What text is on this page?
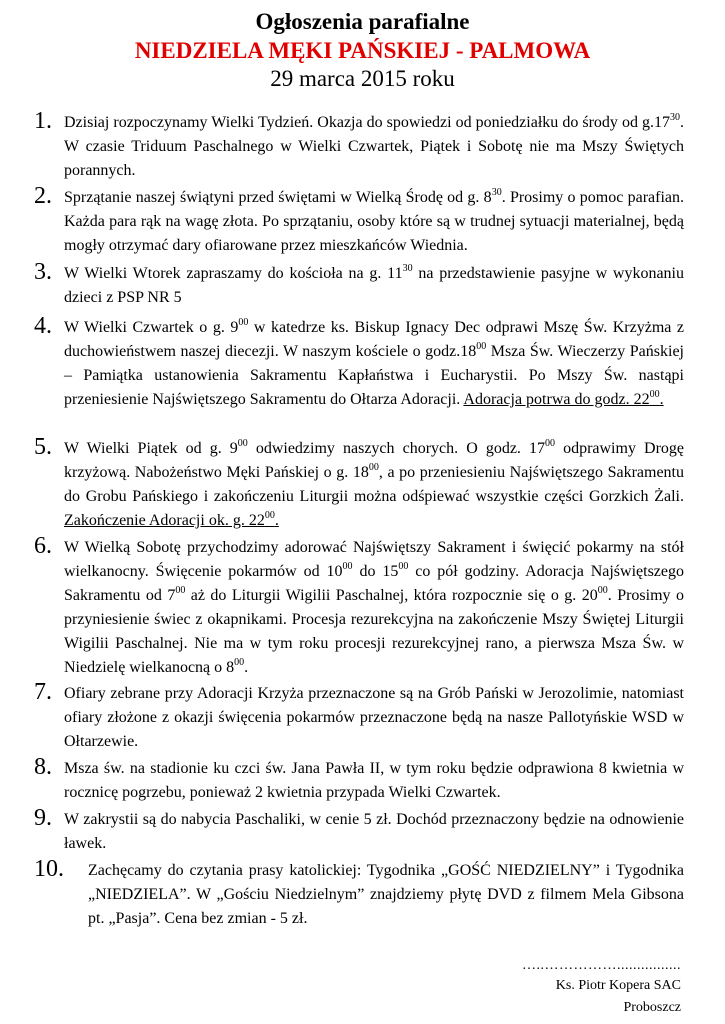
Ogłoszenia parafialne
NIEDZIELA MĘKI PAŃSKIEJ - PALMOWA
29 marca 2015 roku
1. Dzisiaj rozpoczynamy Wielki Tydzień. Okazja do spowiedzi od poniedziałku do środy od $g.17^{30}$. W czasie Triduum Paschalnego w Wielki Czwartek, Piątek i Sobotę nie ma Mszy Świętych porannych.
2. Sprzątanie naszej świątyni przed świętami w Wielką Środę od g. $8^{30}$. Prosimy o pomoc parafian. Każda para rąk na wagę złota. Po sprzątaniu, osoby które są w trudnej sytuacji materialnej, będą mogły otrzymać dary ofiarowane przez mieszkańców Wiednia.
3. W Wielki Wtorek zapraszamy do kościoła na g. $11^{30}$ na przedstawienie pasyjne w wykonaniu dzieci z PSP NR 5
4. W Wielki Czwartek o g. $9^{00}$ w katedrze ks. Biskup Ignacy Dec odprawi Mszę Św. Krzyżma z duchowieństwem naszej diecezji. W naszym kościele o $godz.18^{00}$ Msza Św. Wieczerzy Pańskiej – Pamiątka ustanowienia Sakramentu Kapłaństwa i Eucharystii. Po Mszy Św. nastąpi przeniesienie Najświętszego Sakramentu do Ołtarza Adoracji. Adoracja potrwa do godz. $22^{00}$.
5. W Wielki Piątek od g. $9^{00}$ odwiedzimy naszych chorych. O godz. $17^{00}$ odprawimy Drogę krzyżową. Nabożeństwo Męki Pańskiej o g. $18^{00}$, a po przeniesieniu Najświętszego Sakramentu do Grobu Pańskiego i zakończeniu Liturgii można odśpiewać wszystkie części Gorzkich Żali. Zakończenie Adoracji ok. g. $22^{00}$.
6. W Wielką Sobotę przychodzimy adorować Najświętszy Sakrament i święcić pokarmy na stół wielkanocny. Święcenie pokarmów od $10^{00}$ do $15^{00}$ co pół godziny. Adoracja Najświętszego Sakramentu od $7^{00}$ aż do Liturgii Wigilii Paschalnej, która rozpocznie się o g. $20^{00}$. Prosimy o przyniesienie świec z okapnikami. Procesja rezurekcyjna na zakończenie Mszy Świętej Liturgii Wigilii Paschalnej. Nie ma w tym roku procesji rezurekcyjnej rano, a pierwsza Msza Św. w Niedzielę wielkanocną o $8^{00}$.
7. Ofiary zebrane przy Adoracji Krzyża przeznaczone są na Grób Pański w Jerozolimie, natomiast ofiary złożone z okazji święcenia pokarmów przeznaczone będą na nasze Pallotyńskie WSD w Ołtarzewie.
8. Msza św. na stadionie ku czci św. Jana Pawła II, w tym roku będzie odprawiona 8 kwietnia w rocznicę pogrzebu, ponieważ 2 kwietnia przypada Wielki Czwartek.
9. W zakrystii są do nabycia Paschaliki, w cenie 5 zł. Dochód przeznaczony będzie na odnowienie ławek.
10. Zachęcamy do czytania prasy katolickiej: Tygodnika „GOŚĆ NIEDZIELNY” i Tygodnika „NIEDZIELA”. W „Gościu Niedzielnym” znajdziemy płytę DVD z filmem Mela Gibsona pt. „Pasja”. Cena bez zmian - 5 zł.
…..……………................
Ks. Piotr Kopera SAC
Proboszcz
